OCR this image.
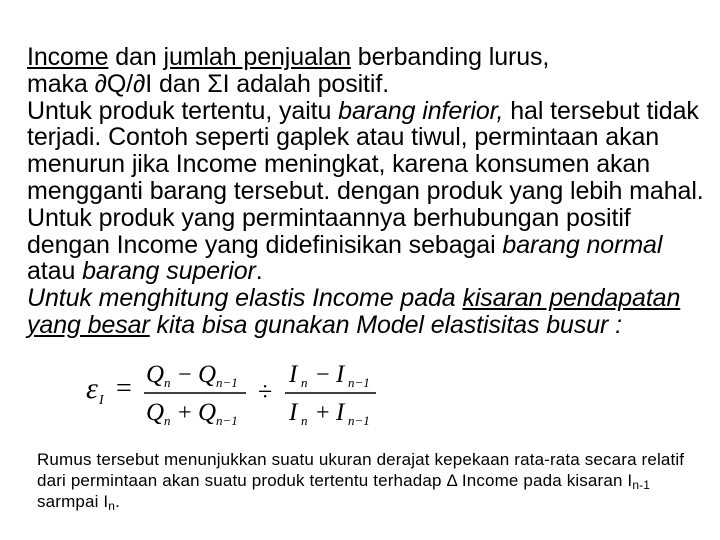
Income dan jumlah penjualan berbanding lurus,
maka ∂Q/∂I dan ΣI adalah positif.

Untuk produk tertentu, yaitu barang inferior, hal tersebut tidak terjadi. Contoh seperti gaplek atau tiwul, permintaan akan menurun jika Income meningkat, karena konsumen akan mengganti barang tersebut. dengan produk yang lebih mahal.

Untuk produk yang permintaannya berhubungan positif dengan Income yang didefinisikan sebagai barang normal atau barang superior.

Untuk menghitung elastis Income pada kisaran pendapatan yang besar kita bisa gunakan Model elastisitas busur :

ε I = Q n − Q n−1
Q n + Q n−1
÷
I n − I n−1
I n + I n−1

Rumus tersebut menunjukkan suatu ukuran derajat kepekaan rata-rata secara relatif dari permintaan akan suatu produk tertentu terhadap Δ Income pada kisaran $I_{n-1}$ sarmpai $I_n$.
